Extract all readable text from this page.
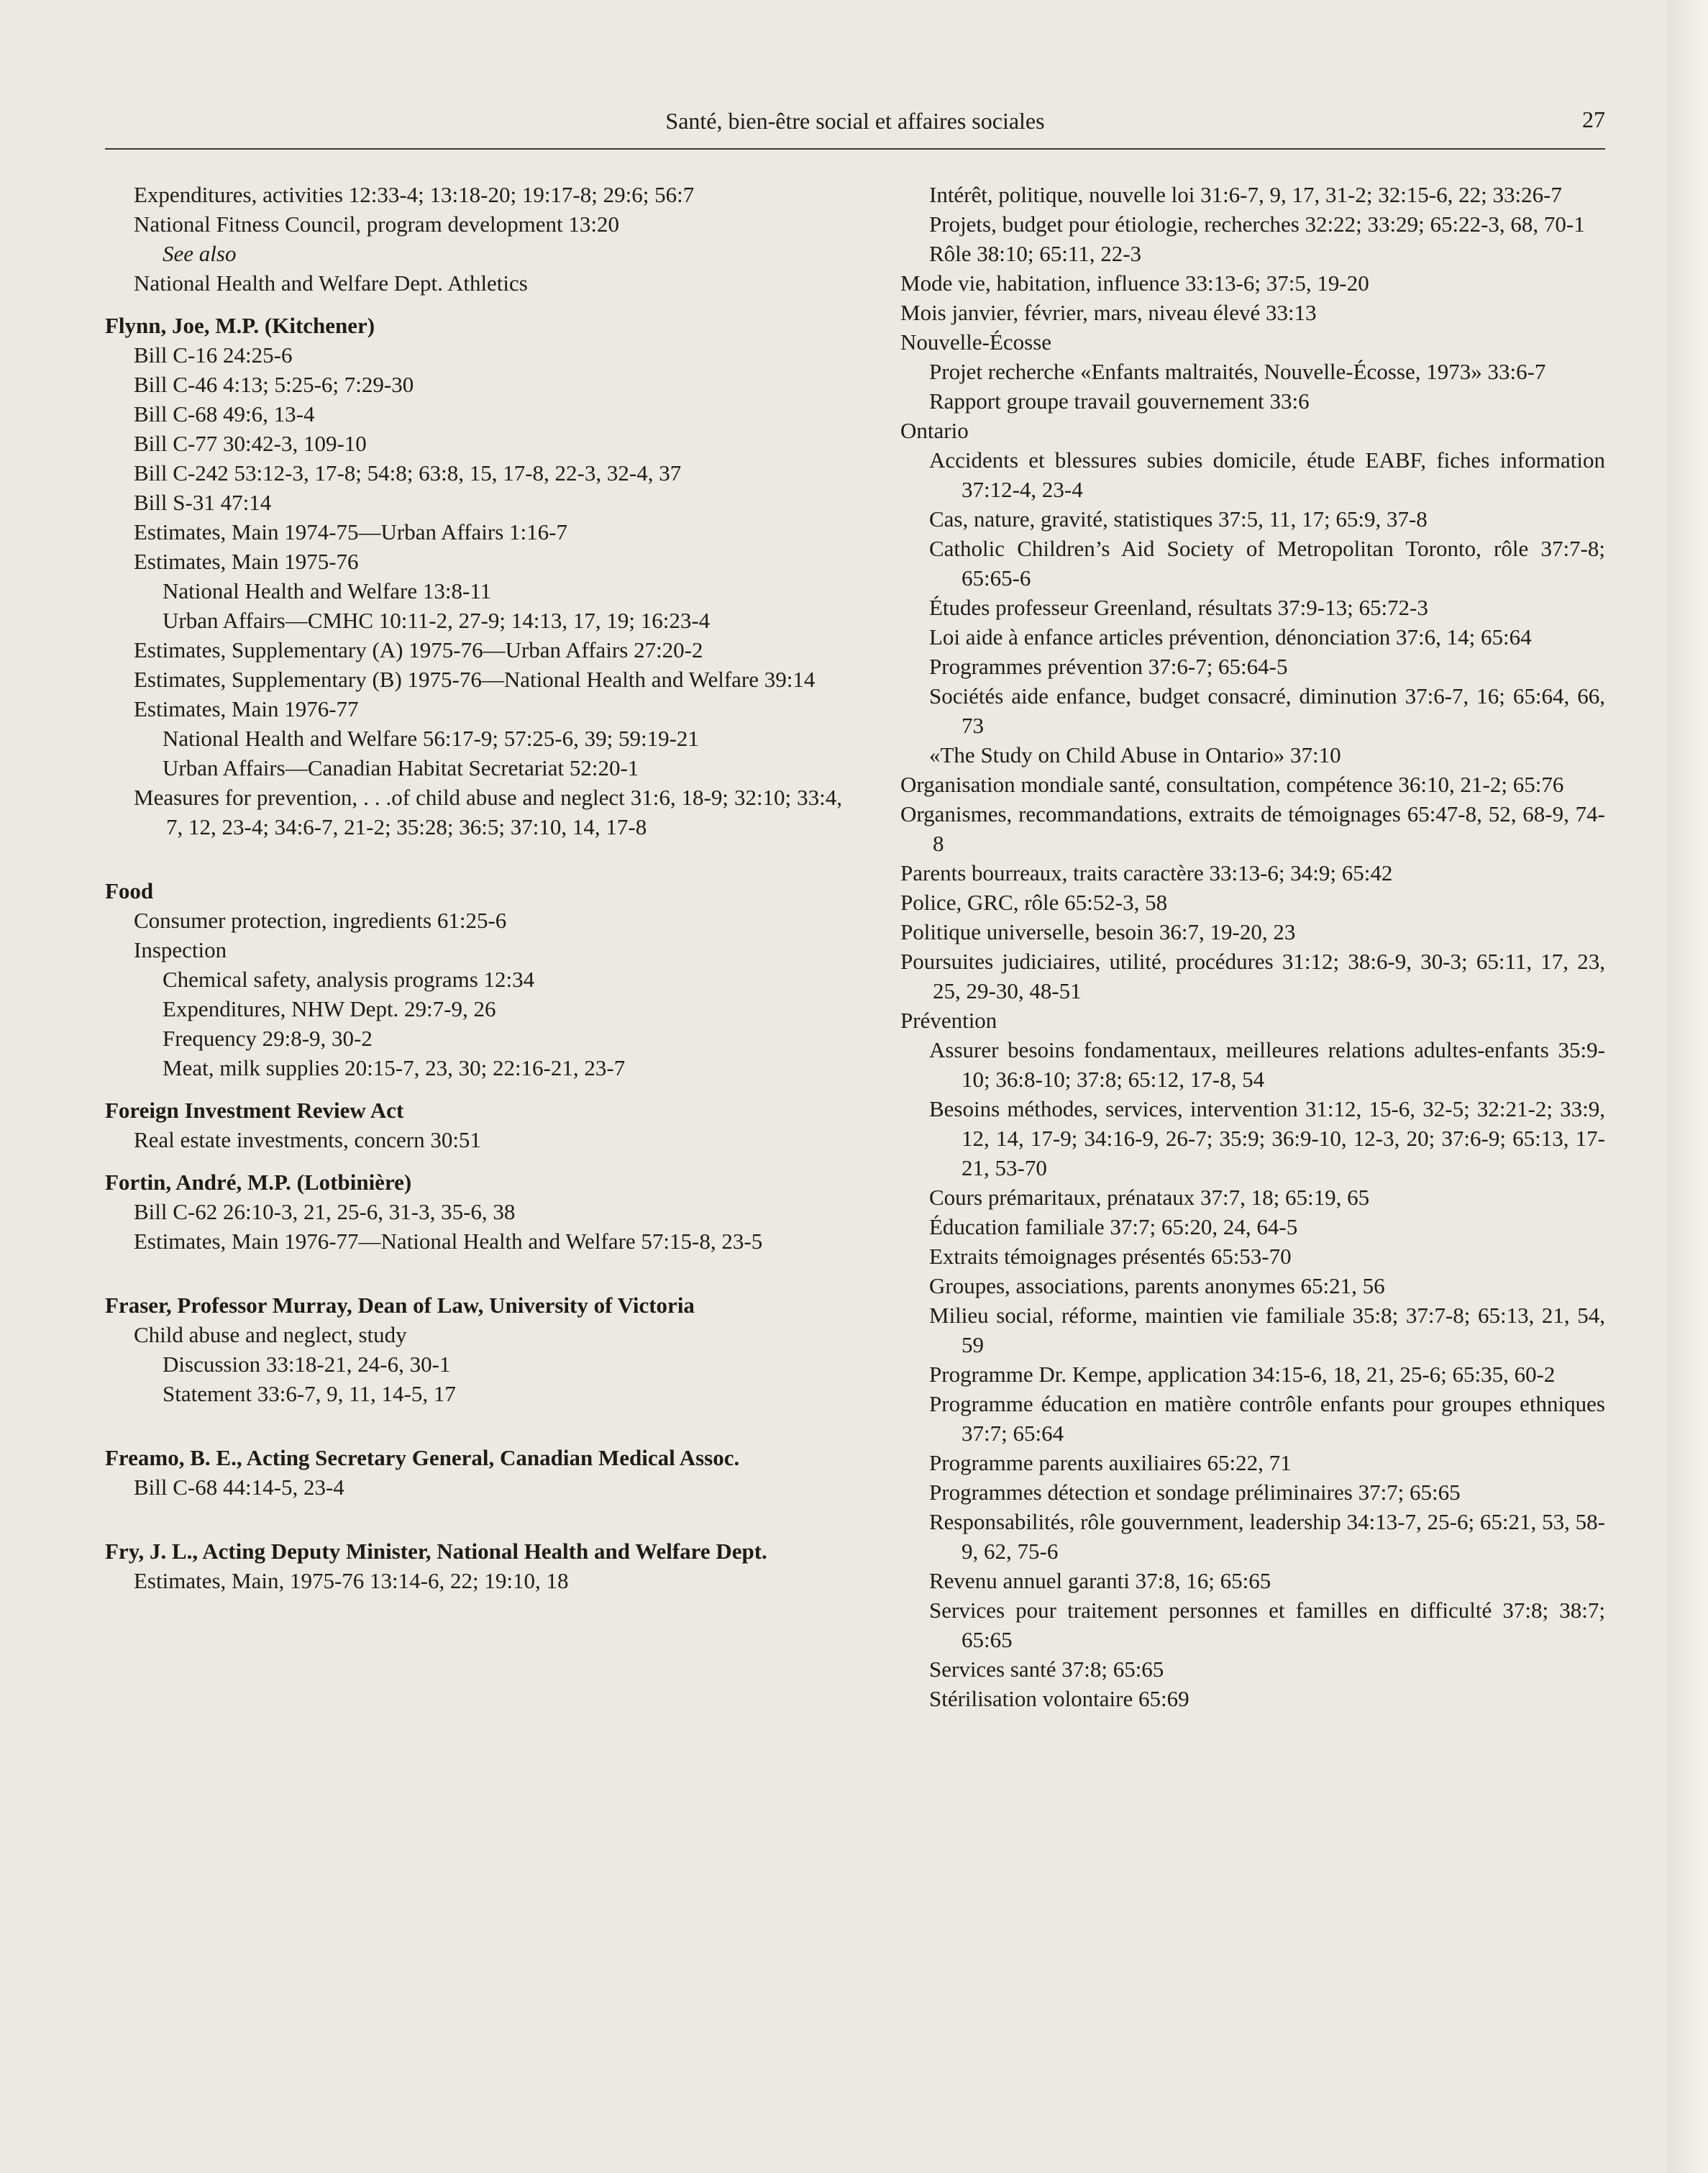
Santé, bien-être social et affaires sociales	27
Expenditures, activities 12:33-4; 13:18-20; 19:17-8; 29:6; 56:7
National Fitness Council, program development 13:20
See also
National Health and Welfare Dept. Athletics
Flynn, Joe, M.P. (Kitchener)
Bill C-16 24:25-6
Bill C-46 4:13; 5:25-6; 7:29-30
Bill C-68 49:6, 13-4
Bill C-77 30:42-3, 109-10
Bill C-242 53:12-3, 17-8; 54:8; 63:8, 15, 17-8, 22-3, 32-4, 37
Bill S-31 47:14
Estimates, Main 1974-75—Urban Affairs 1:16-7
Estimates, Main 1975-76
National Health and Welfare 13:8-11
Urban Affairs—CMHC 10:11-2, 27-9; 14:13, 17, 19; 16:23-4
Estimates, Supplementary (A) 1975-76—Urban Affairs 27:20-2
Estimates, Supplementary (B) 1975-76—National Health and Welfare 39:14
Estimates, Main 1976-77
National Health and Welfare 56:17-9; 57:25-6, 39; 59:19-21
Urban Affairs—Canadian Habitat Secretariat 52:20-1
Measures for prevention, . . .of child abuse and neglect 31:6, 18-9; 32:10; 33:4, 7, 12, 23-4; 34:6-7, 21-2; 35:28; 36:5; 37:10, 14, 17-8
Food
Consumer protection, ingredients 61:25-6
Inspection
Chemical safety, analysis programs 12:34
Expenditures, NHW Dept. 29:7-9, 26
Frequency 29:8-9, 30-2
Meat, milk supplies 20:15-7, 23, 30; 22:16-21, 23-7
Foreign Investment Review Act
Real estate investments, concern 30:51
Fortin, André, M.P. (Lotbinière)
Bill C-62 26:10-3, 21, 25-6, 31-3, 35-6, 38
Estimates, Main 1976-77—National Health and Welfare 57:15-8, 23-5
Fraser, Professor Murray, Dean of Law, University of Victoria
Child abuse and neglect, study
Discussion 33:18-21, 24-6, 30-1
Statement 33:6-7, 9, 11, 14-5, 17
Freamo, B. E., Acting Secretary General, Canadian Medical Assoc.
Bill C-68 44:14-5, 23-4
Fry, J. L., Acting Deputy Minister, National Health and Welfare Dept.
Estimates, Main, 1975-76 13:14-6, 22; 19:10, 18
Intérêt, politique, nouvelle loi 31:6-7, 9, 17, 31-2; 32:15-6, 22; 33:26-7
Projets, budget pour étiologie, recherches 32:22; 33:29; 65:22-3, 68, 70-1
Rôle 38:10; 65:11, 22-3
Mode vie, habitation, influence 33:13-6; 37:5, 19-20
Mois janvier, février, mars, niveau élevé 33:13
Nouvelle-Écosse
Projet recherche «Enfants maltraités, Nouvelle-Écosse, 1973» 33:6-7
Rapport groupe travail gouvernement 33:6
Ontario
Accidents et blessures subies domicile, étude EABF, fiches information 37:12-4, 23-4
Cas, nature, gravité, statistiques 37:5, 11, 17; 65:9, 37-8
Catholic Children’s Aid Society of Metropolitan Toronto, rôle 37:7-8; 65:65-6
Études professeur Greenland, résultats 37:9-13; 65:72-3
Loi aide à enfance articles prévention, dénonciation 37:6, 14; 65:64
Programmes prévention 37:6-7; 65:64-5
Sociétés aide enfance, budget consacré, diminution 37:6-7, 16; 65:64, 66, 73
«The Study on Child Abuse in Ontario» 37:10
Organisation mondiale santé, consultation, compétence 36:10, 21-2; 65:76
Organismes, recommandations, extraits de témoignages 65:47-8, 52, 68-9, 74-8
Parents bourreaux, traits caractère 33:13-6; 34:9; 65:42
Police, GRC, rôle 65:52-3, 58
Politique universelle, besoin 36:7, 19-20, 23
Poursuites judiciaires, utilité, procédures 31:12; 38:6-9, 30-3; 65:11, 17, 23, 25, 29-30, 48-51
Prévention
Assurer besoins fondamentaux, meilleures relations adultes-enfants 35:9-10; 36:8-10; 37:8; 65:12, 17-8, 54
Besoins méthodes, services, intervention 31:12, 15-6, 32-5; 32:21-2; 33:9, 12, 14, 17-9; 34:16-9, 26-7; 35:9; 36:9-10, 12-3, 20; 37:6-9; 65:13, 17-21, 53-70
Cours prémaritaux, prénataux 37:7, 18; 65:19, 65
Éducation familiale 37:7; 65:20, 24, 64-5
Extraits témoignages présentés 65:53-70
Groupes, associations, parents anonymes 65:21, 56
Milieu social, réforme, maintien vie familiale 35:8; 37:7-8; 65:13, 21, 54, 59
Programme Dr. Kempe, application 34:15-6, 18, 21, 25-6; 65:35, 60-2
Programme éducation en matière contrôle enfants pour groupes ethniques 37:7; 65:64
Programme parents auxiliaires 65:22, 71
Programmes détection et sondage préliminaires 37:7; 65:65
Responsabilités, rôle gouvernment, leadership 34:13-7, 25-6; 65:21, 53, 58-9, 62, 75-6
Revenu annuel garanti 37:8, 16; 65:65
Services pour traitement personnes et familles en difficulté 37:8; 38:7; 65:65
Services santé 37:8; 65:65
Stérilisation volontaire 65:69
